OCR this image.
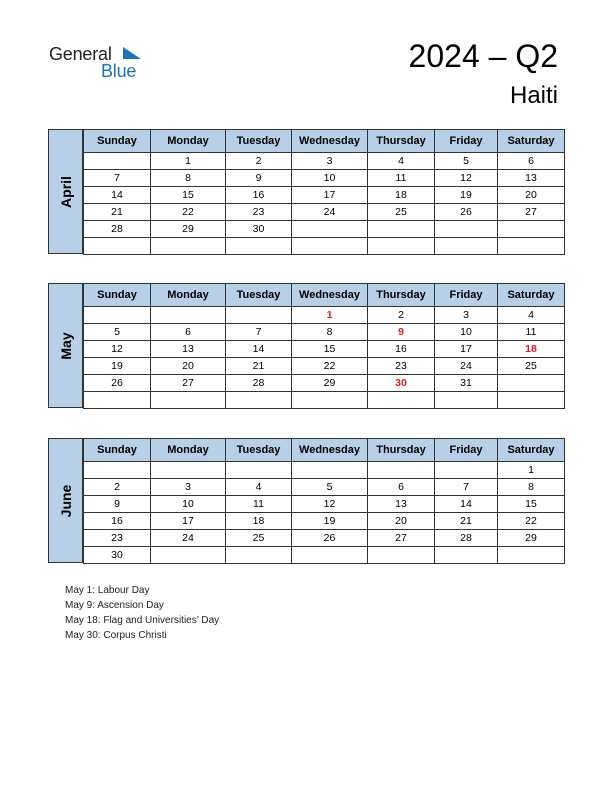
General
Blue	2024 – Q2
Haiti
April
Sunday	Monday	Tuesday	Wednesday	Thursday	Friday	Saturday
	1	2	3	4	5	6
7	8	9	10	11	12	13
14	15	16	17	18	19	20
21	22	23	24	25	26	27
28	29	30				

May
Sunday	Monday	Tuesday	Wednesday	Thursday	Friday	Saturday
			1	2	3	4
5	6	7	8	9	10	11
12	13	14	15	16	17	18
19	20	21	22	23	24	25
26	27	28	29	30	31	

June
Sunday	Monday	Tuesday	Wednesday	Thursday	Friday	Saturday
						1
2	3	4	5	6	7	8
9	10	11	12	13	14	15
16	17	18	19	20	21	22
23	24	25	26	27	28	29
30						
May 1: Labour Day
May 9: Ascension Day
May 18: Flag and Universities’ Day
May 30: Corpus Christi
